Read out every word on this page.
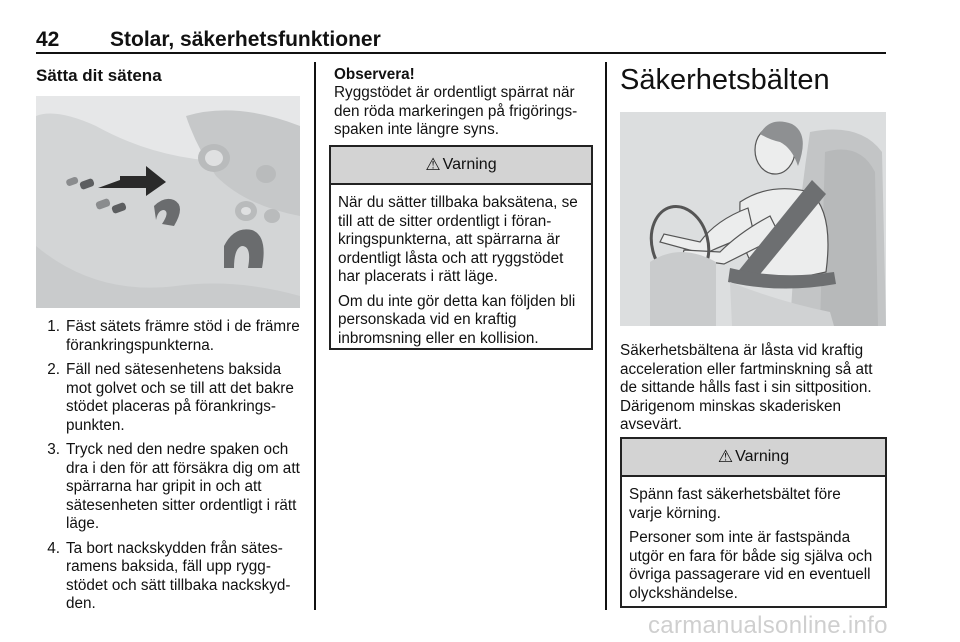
42 Stolar, säkerhetsfunktioner
Sätta dit sätena
1. Fäst sätets främre stöd i de främre förankringspunkterna.
2. Fäll ned sätesenhetens baksida mot golvet och se till att det bakre stödet placeras på förankrings-punkten.
3. Tryck ned den nedre spaken och dra i den för att försäkra dig om att spärrarna har gripit in och att sätesenheten sitter ordentligt i rätt läge.
4. Ta bort nackskydden från sätes-ramens baksida, fäll upp rygg-stödet och sätt tillbaka nackskyd-den.
Observera!
Ryggstödet är ordentligt spärrat när den röda markeringen på frigörings-spaken inte längre syns.
⚠ Varning

När du sätter tillbaka baksätena, se till att de sitter ordentligt i föran-kringspunkterna, att spärrarna är ordentligt låsta och att ryggstödet har placerats i rätt läge.

Om du inte gör detta kan följden bli personskada vid en kraftig inbromsning eller en kollision.

Säkerhetsbälten
Säkerhetsbältena är låsta vid kraftig acceleration eller fartminskning så att de sittande hålls fast i sin sittposition. Därigenom minskas skaderisken avsevärt.
⚠ Varning

Spänn fast säkerhetsbältet före varje körning.

Personer som inte är fastspända utgör en fara för både sig själva och övriga passagerare vid en eventuell olyckshändelse.

carmanualsonline.info
